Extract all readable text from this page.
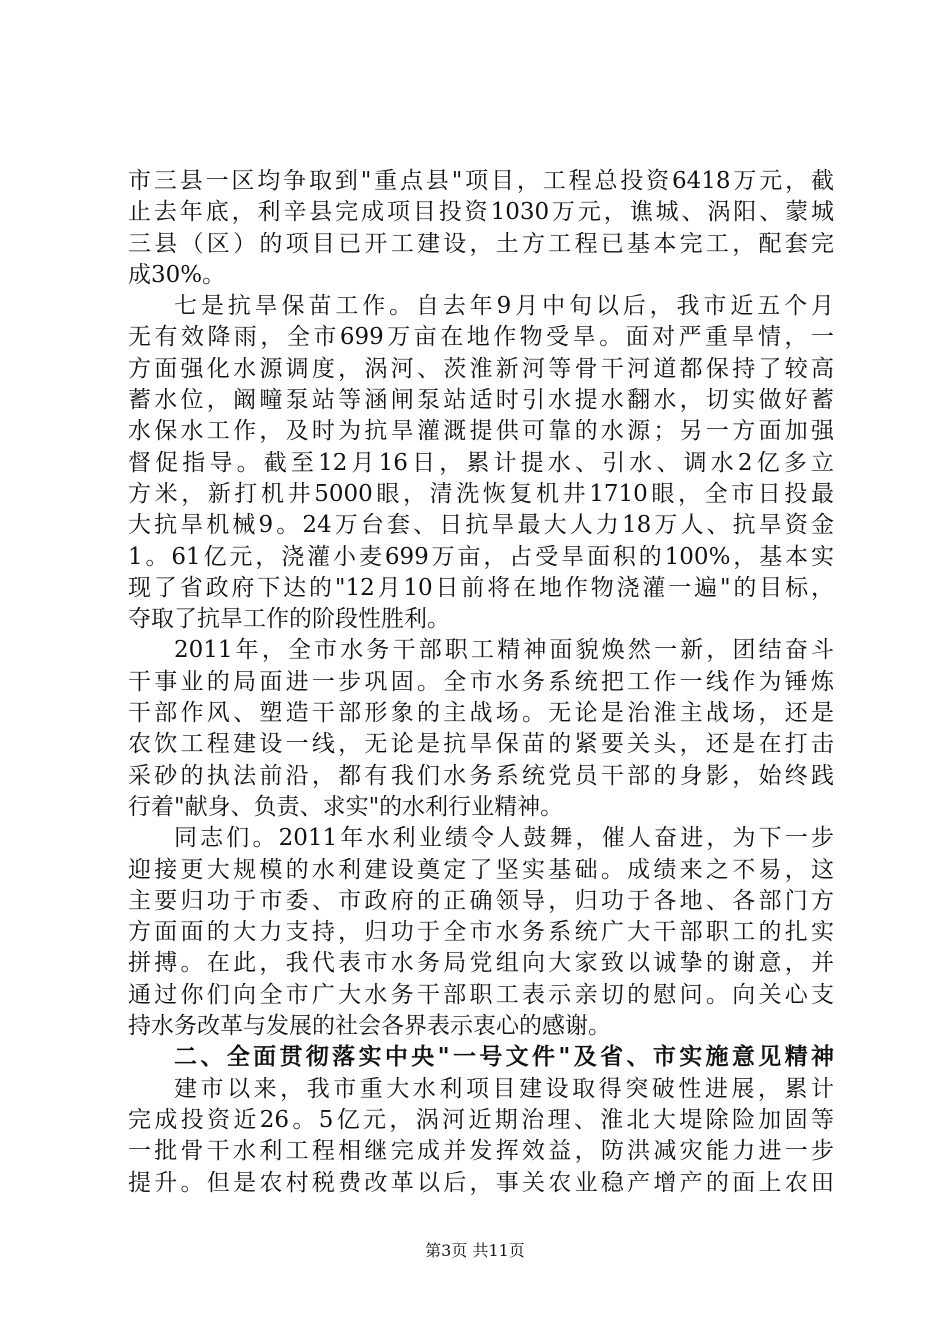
市三县一区均争取到"重点县"项目，工程总投资6418万元，截
止去年底，利辛县完成项目投资1030万元，谯城、涡阳、蒙城
三县（区）的项目已开工建设，土方工程已基本完工，配套完
成30%。
七是抗旱保苗工作。自去年9月中旬以后，我市近五个月
无有效降雨，全市699万亩在地作物受旱。面对严重旱情，一
方面强化水源调度，涡河、茨淮新河等骨干河道都保持了较高
蓄水位，阚疃泵站等涵闸泵站适时引水提水翻水，切实做好蓄
水保水工作，及时为抗旱灌溉提供可靠的水源；另一方面加强
督促指导。截至12月16日，累计提水、引水、调水2亿多立
方米，新打机井5000眼，清洗恢复机井1710眼，全市日投最
大抗旱机械9。24万台套、日抗旱最大人力18万人、抗旱资金
1。61亿元，浇灌小麦699万亩，占受旱面积的100%，基本实
现了省政府下达的"12月10日前将在地作物浇灌一遍"的目标，
夺取了抗旱工作的阶段性胜利。
2011年，全市水务干部职工精神面貌焕然一新，团结奋斗
干事业的局面进一步巩固。全市水务系统把工作一线作为锤炼
干部作风、塑造干部形象的主战场。无论是治淮主战场，还是
农饮工程建设一线，无论是抗旱保苗的紧要关头，还是在打击
采砂的执法前沿，都有我们水务系统党员干部的身影，始终践
行着"献身、负责、求实"的水利行业精神。
同志们。2011年水利业绩令人鼓舞，催人奋进，为下一步
迎接更大规模的水利建设奠定了坚实基础。成绩来之不易，这
主要归功于市委、市政府的正确领导，归功于各地、各部门方
方面面的大力支持，归功于全市水务系统广大干部职工的扎实
拼搏。在此，我代表市水务局党组向大家致以诚挚的谢意，并
通过你们向全市广大水务干部职工表示亲切的慰问。向关心支
持水务改革与发展的社会各界表示衷心的感谢。
二、全面贯彻落实中央"一号文件"及省、市实施意见精神
建市以来，我市重大水利项目建设取得突破性进展，累计
完成投资近26。5亿元，涡河近期治理、淮北大堤除险加固等
一批骨干水利工程相继完成并发挥效益，防洪减灾能力进一步
提升。但是农村税费改革以后，事关农业稳产增产的面上农田
第3页 共11页
